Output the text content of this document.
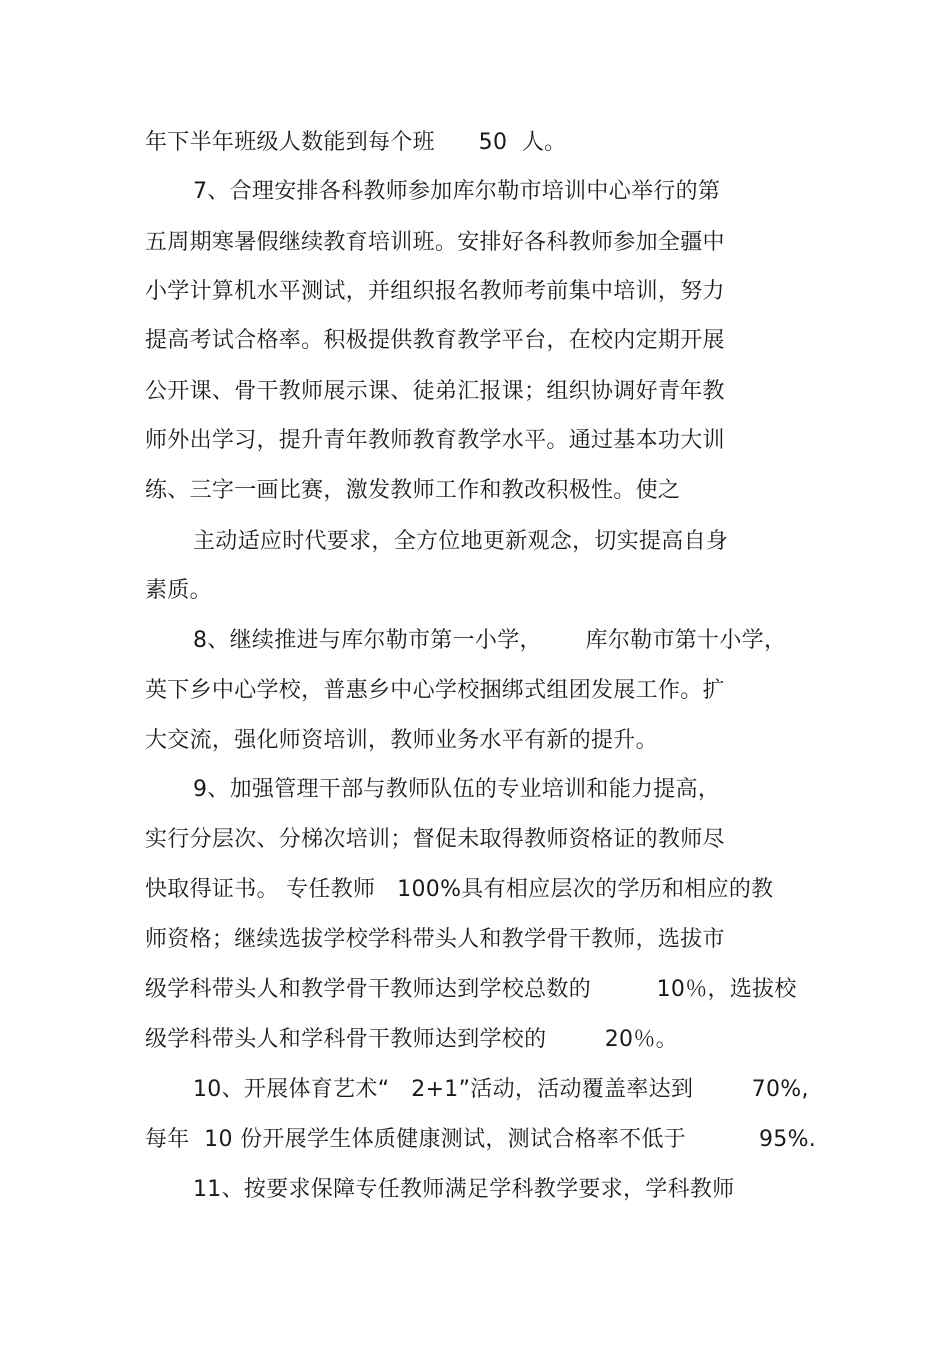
年下半年班级人数能到每个班      50  人。
7、合理安排各科教师参加库尔勒市培训中心举行的第
五周期寒暑假继续教育培训班。安排好各科教师参加全疆中
小学计算机水平测试，并组织报名教师考前集中培训，努力
提高考试合格率。积极提供教育教学平台，在校内定期开展
公开课、骨干教师展示课、徒弟汇报课；组织协调好青年教
师外出学习，提升青年教师教育教学水平。通过基本功大训
练、三字一画比赛，激发教师工作和教改积极性。使之
主动适应时代要求，全方位地更新观念，切实提高自身
素质。
8、继续推进与库尔勒市第一小学，      库尔勒市第十小学，
英下乡中心学校，普惠乡中心学校捆绑式组团发展工作。扩
大交流，强化师资培训，教师业务水平有新的提升。
9、加强管理干部与教师队伍的专业培训和能力提高，
实行分层次、分梯次培训；督促未取得教师资格证的教师尽
快取得证书。 专任教师   100%具有相应层次的学历和相应的教
师资格；继续选拔学校学科带头人和教学骨干教师，选拔市
级学科带头人和教学骨干教师达到学校总数的         10％，选拔校
级学科带头人和学科骨干教师达到学校的        20％。
10、开展体育艺术“   2+1”活动，活动覆盖率达到        70%,
每年  10 份开展学生体质健康测试，测试合格率不低于          95%.
11、按要求保障专任教师满足学科教学要求，学科教师
